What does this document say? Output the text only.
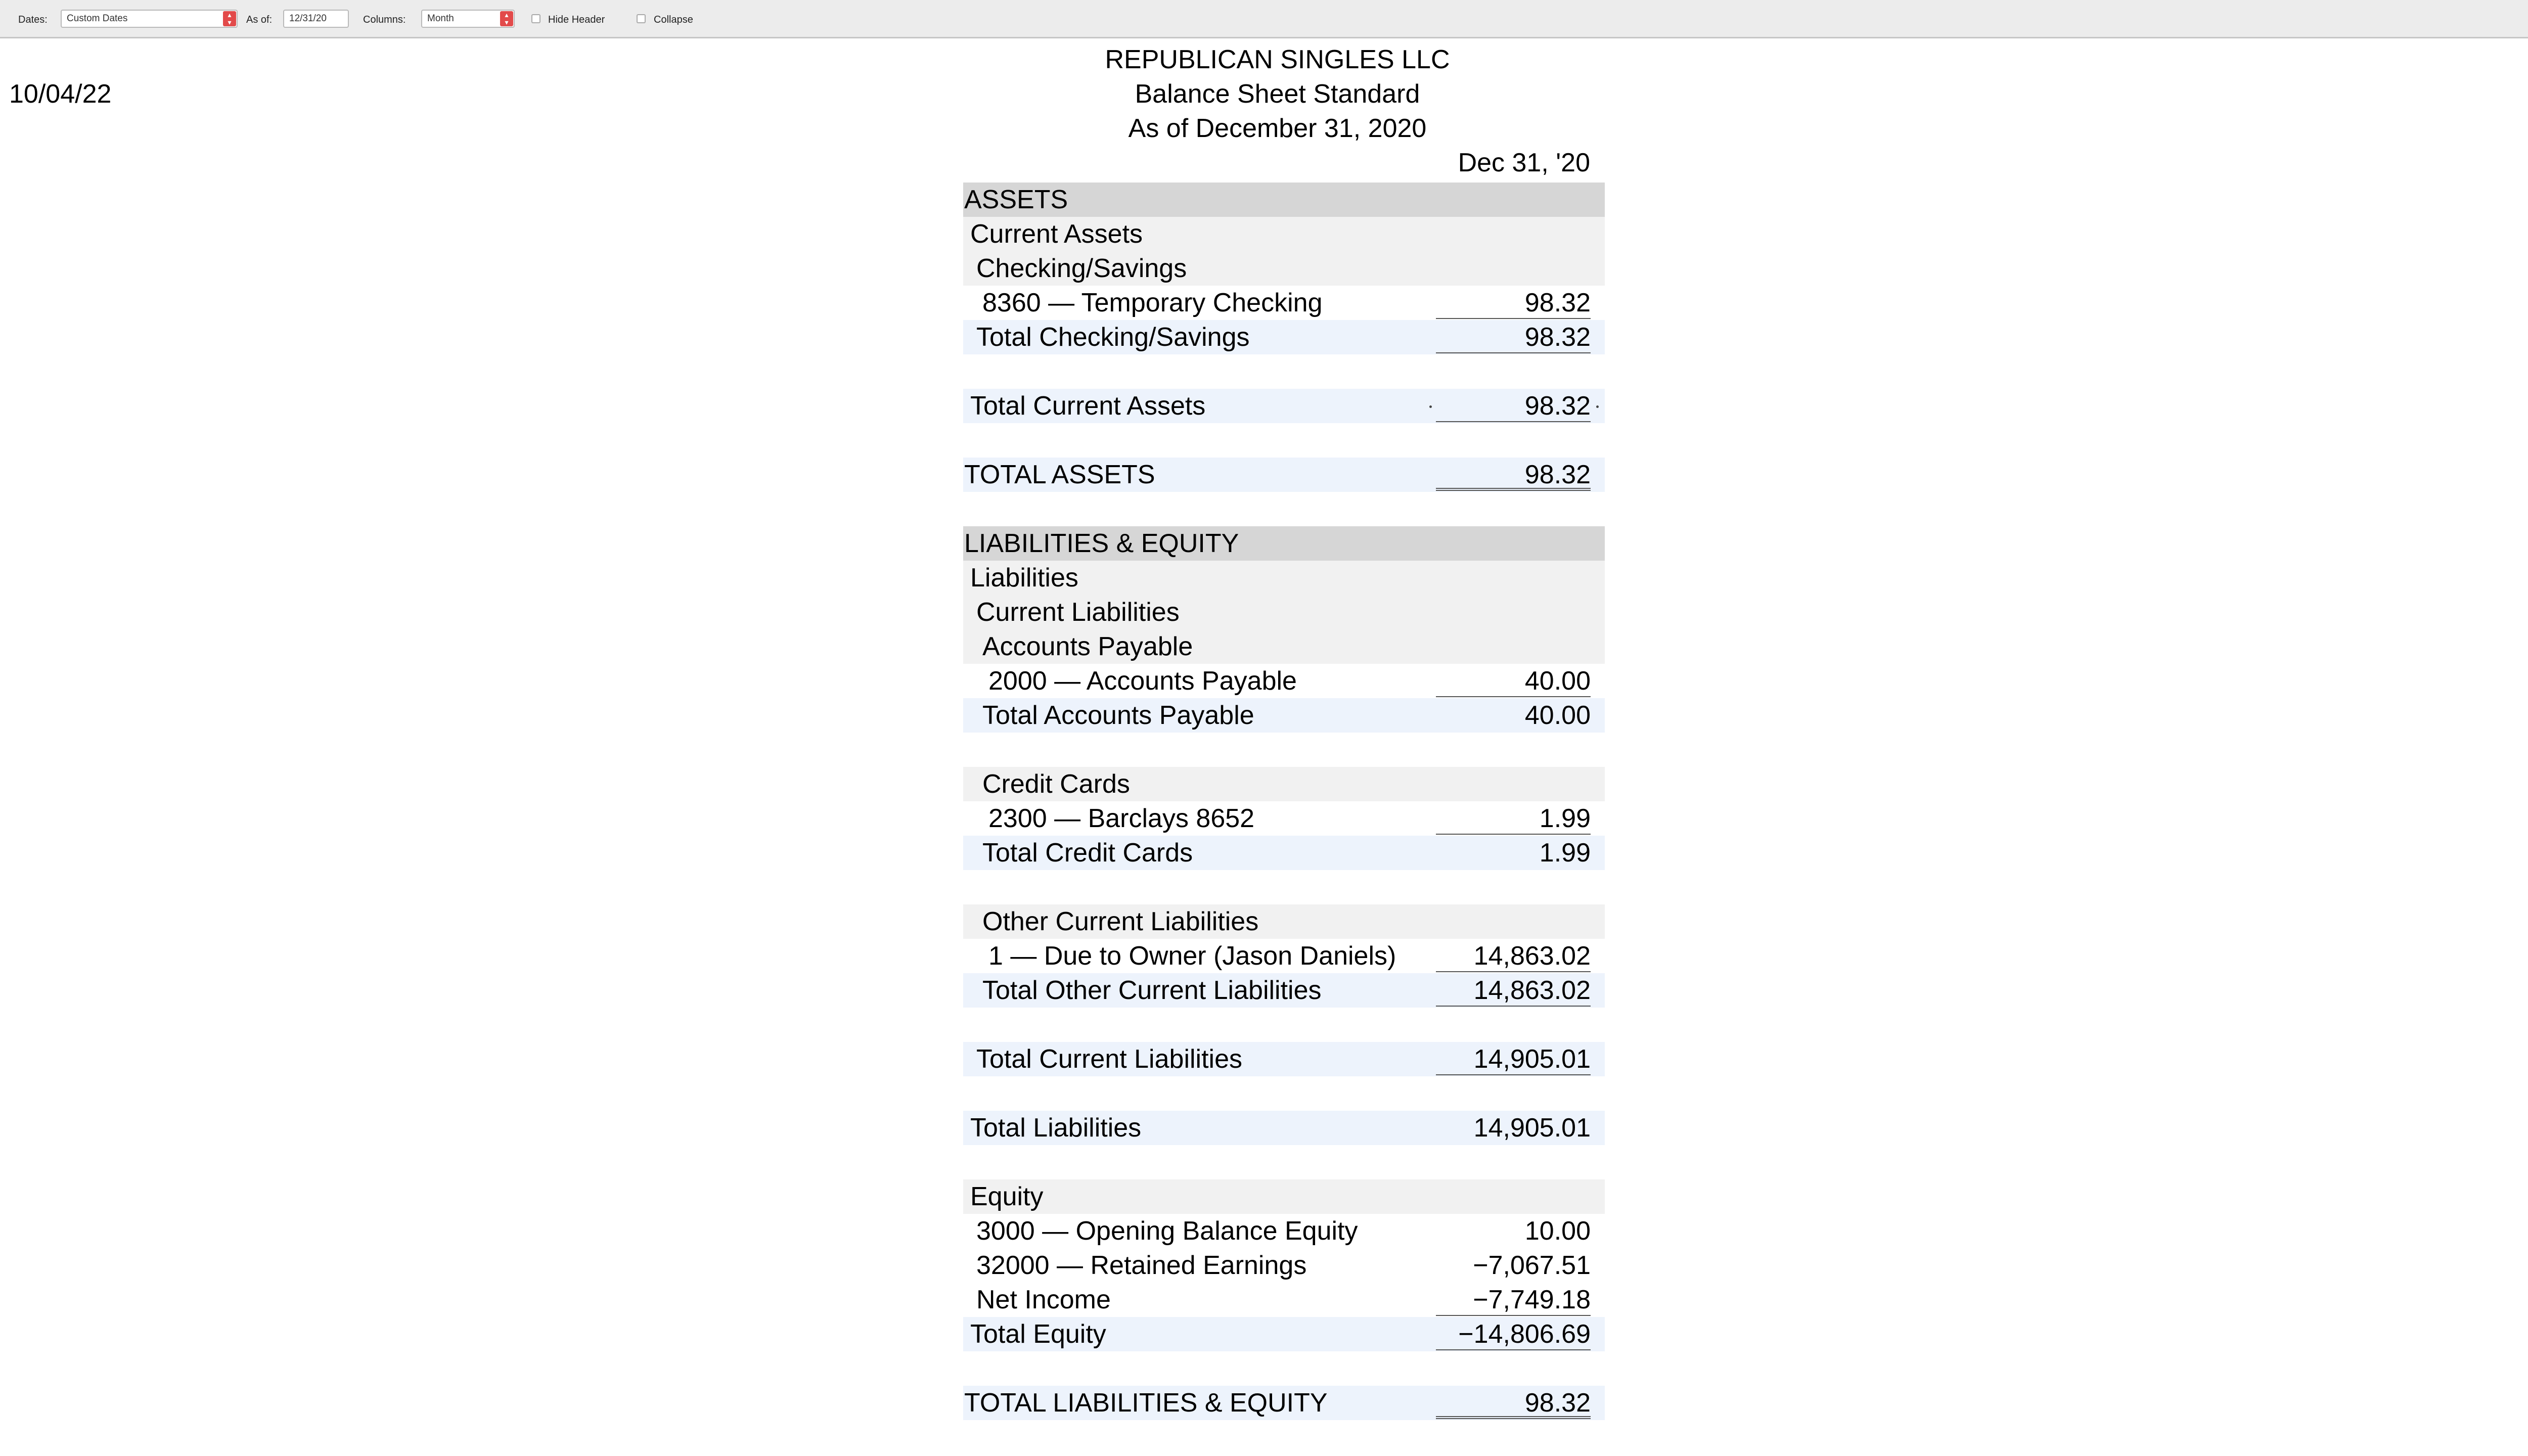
Dates:	Custom Dates	▴
▾	As of:	12/31/20	Columns:	Month	▴
▾	Hide Header	Collapse
10/04/22
REPUBLICAN SINGLES LLC
Balance Sheet Standard
As of December 31, 2020
Dec 31, '20
ASSETS
Current Assets
Checking/Savings
8360 — Temporary Checking	98.32
Total Checking/Savings	98.32
Total Current Assets	98.32
TOTAL ASSETS	98.32
LIABILITIES & EQUITY
Liabilities
Current Liabilities
Accounts Payable
2000 — Accounts Payable	40.00
Total Accounts Payable	40.00
Credit Cards
2300 — Barclays 8652	1.99
Total Credit Cards	1.99
Other Current Liabilities
1 — Due to Owner (Jason Daniels)	14,863.02
Total Other Current Liabilities	14,863.02
Total Current Liabilities	14,905.01
Total Liabilities	14,905.01
Equity
3000 — Opening Balance Equity	10.00
32000 — Retained Earnings	−7,067.51
Net Income	−7,749.18
Total Equity	−14,806.69
TOTAL LIABILITIES & EQUITY	98.32
